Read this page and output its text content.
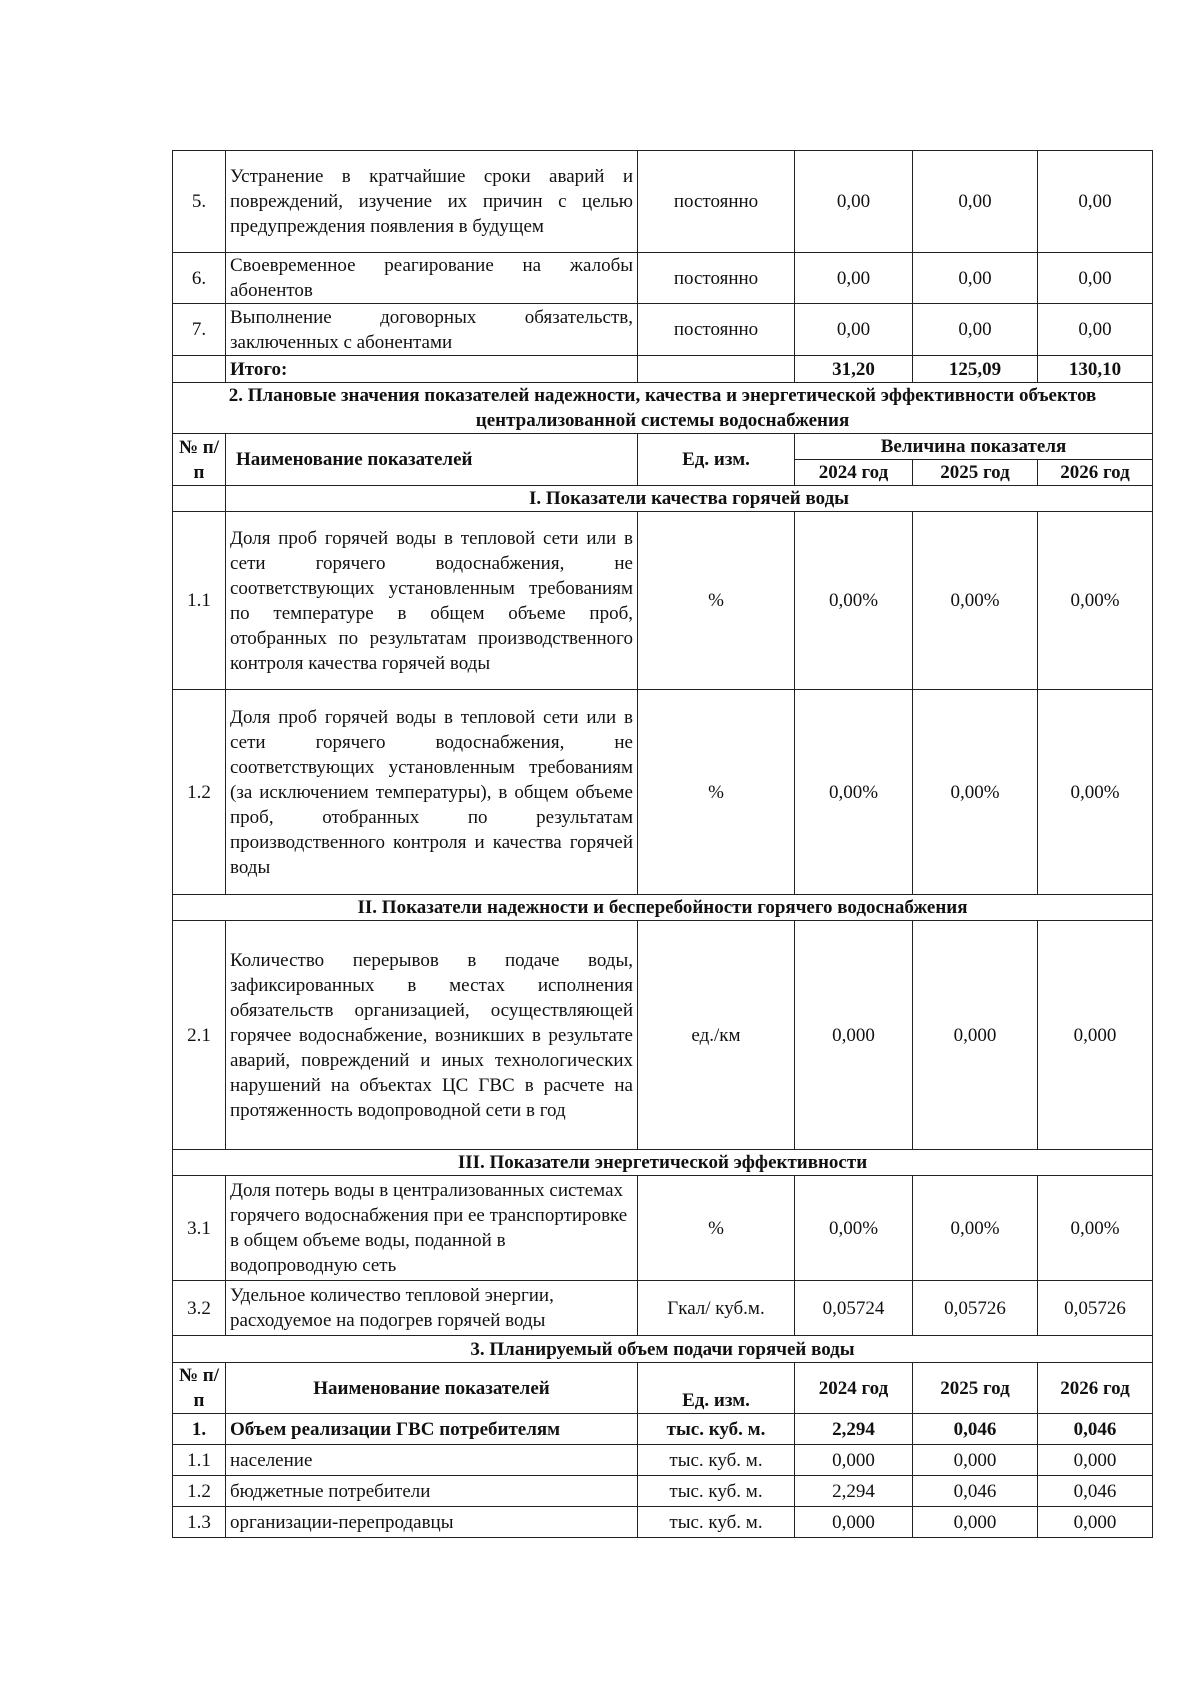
5.	Устранение в кратчайшие сроки аварий и повреждений, изучение их причин с целью предупреждения появления в будущем	постоянно	0,00	0,00	0,00
6.	Своевременное реагирование на жалобы абонентов	постоянно	0,00	0,00	0,00
7.	Выполнение договорных обязательств, заключенных с абонентами	постоянно	0,00	0,00	0,00
	Итого:		31,20	125,09	130,10
2. Плановые значения показателей надежности, качества и энергетической эффективности объектов централизованной системы водоснабжения					
№ п/п	Наименование показателей	Ед. изм.	Величина показателя		
			2024 год	2025 год	2026 год
	I. Показатели качества горячей воды				
1.1	Доля проб горячей воды в тепловой сети или в сети горячего водоснабжения, не соответствующих установленным требованиям по температуре в общем объеме проб, отобранных по результатам производственного контроля качества горячей воды	%	0,00%	0,00%	0,00%
1.2	Доля проб горячей воды в тепловой сети или в сети горячего водоснабжения, не соответствующих установленным требованиям (за исключением температуры), в общем объеме проб, отобранных по результатам производственного контроля и качества горячей воды	%	0,00%	0,00%	0,00%
II. Показатели надежности и бесперебойности горячего водоснабжения					
2.1	Количество перерывов в подаче воды, зафиксированных в местах исполнения обязательств организацией, осуществляющей горячее водоснабжение, возникших в результате аварий, повреждений и иных технологических нарушений на объектах ЦС ГВС в расчете на протяженность водопроводной сети в год	ед./км	0,000	0,000	0,000
III. Показатели энергетической эффективности					
3.1	Доля потерь воды в централизованных системах горячего водоснабжения при ее транспортировке в общем объеме воды, поданной в водопроводную сеть	%	0,00%	0,00%	0,00%
3.2	Удельное количество тепловой энергии, расходуемое на подогрев горячей воды	Гкал/ куб.м.	0,05724	0,05726	0,05726
3. Планируемый объем подачи горячей воды					
№ п/п	Наименование показателей	Ед. изм.	2024 год	2025 год	2026 год
1.	Объем реализации ГВС потребителям	тыс. куб. м.	2,294	0,046	0,046
1.1	население	тыс. куб. м.	0,000	0,000	0,000
1.2	бюджетные потребители	тыс. куб. м.	2,294	0,046	0,046
1.3	организации-перепродавцы	тыс. куб. м.	0,000	0,000	0,000
